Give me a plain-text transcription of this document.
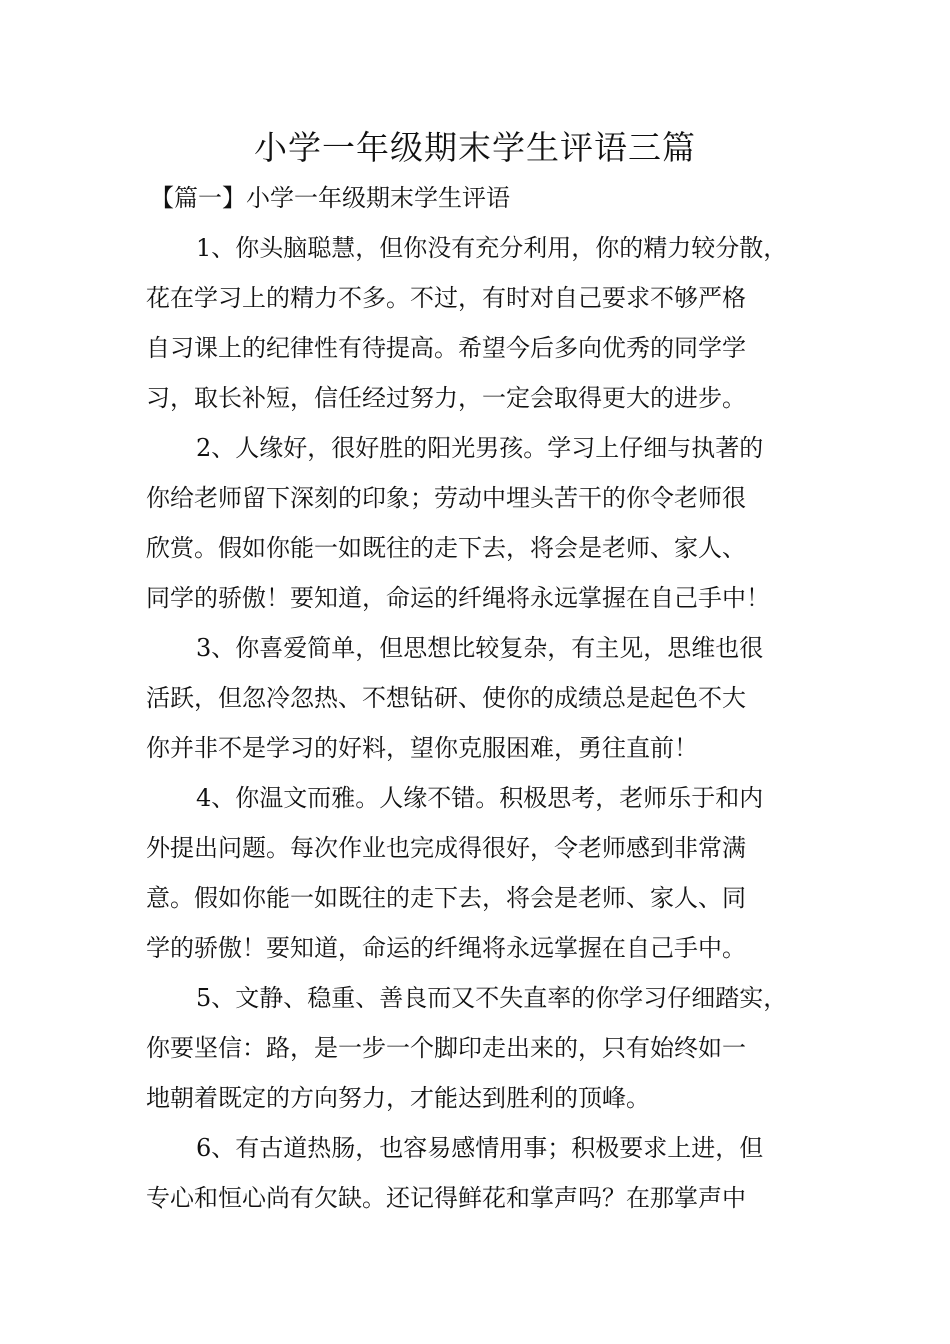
小学一年级期末学生评语三篇
【篇一】小学一年级期末学生评语
1、你头脑聪慧，但你没有充分利用，你的精力较分散，
花在学习上的精力不多。不过，有时对自己要求不够严格
自习课上的纪律性有待提高。希望今后多向优秀的同学学
习，取长补短，信任经过努力，一定会取得更大的进步。
2、人缘好，很好胜的阳光男孩。学习上仔细与执著的
你给老师留下深刻的印象；劳动中埋头苦干的你令老师很
欣赏。假如你能一如既往的走下去，将会是老师、家人、
同学的骄傲！要知道，命运的纤绳将永远掌握在自己手中！
3、你喜爱简单，但思想比较复杂，有主见，思维也很
活跃，但忽冷忽热、不想钻研、使你的成绩总是起色不大
你并非不是学习的好料，望你克服困难，勇往直前！
4、你温文而雅。人缘不错。积极思考，老师乐于和内
外提出问题。每次作业也完成得很好，令老师感到非常满
意。假如你能一如既往的走下去，将会是老师、家人、同
学的骄傲！要知道，命运的纤绳将永远掌握在自己手中。
5、文静、稳重、善良而又不失直率的你学习仔细踏实，
你要坚信：路，是一步一个脚印走出来的，只有始终如一
地朝着既定的方向努力，才能达到胜利的顶峰。
6、有古道热肠，也容易感情用事；积极要求上进，但
专心和恒心尚有欠缺。还记得鲜花和掌声吗？在那掌声中
